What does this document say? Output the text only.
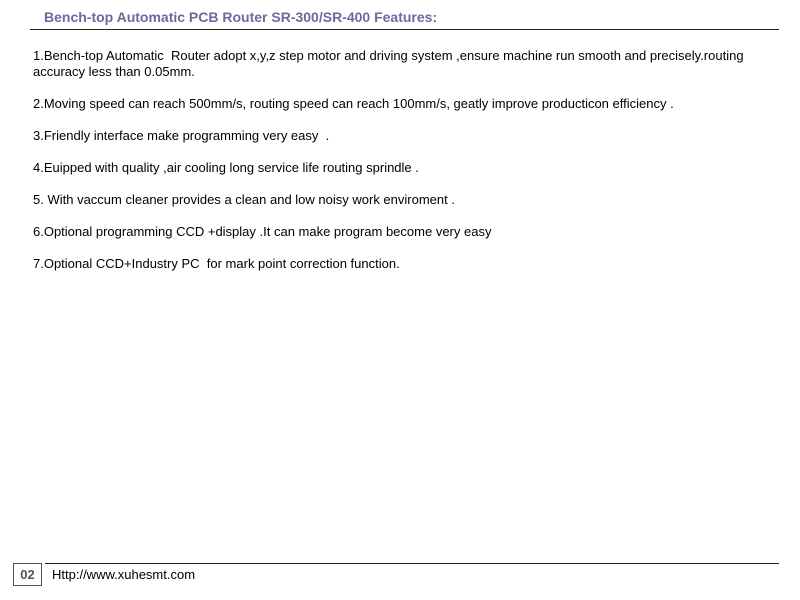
Bench-top Automatic PCB Router SR-300/SR-400 Features:
1.Bench-top Automatic  Router adopt x,y,z step motor and driving system ,ensure machine run smooth and precisely.routing accuracy less than 0.05mm.
2.Moving speed can reach 500mm/s, routing speed can reach 100mm/s, geatly improve producticon efficiency .
3.Friendly interface make programming very easy  .
4.Euipped with quality ,air cooling long service life routing sprindle .
5. With vaccum cleaner provides a clean and low noisy work enviroment .
6.Optional programming CCD +display .It can make program become very easy
7.Optional CCD+Industry PC  for mark point correction function.
02	Http://www.xuhesmt.com
